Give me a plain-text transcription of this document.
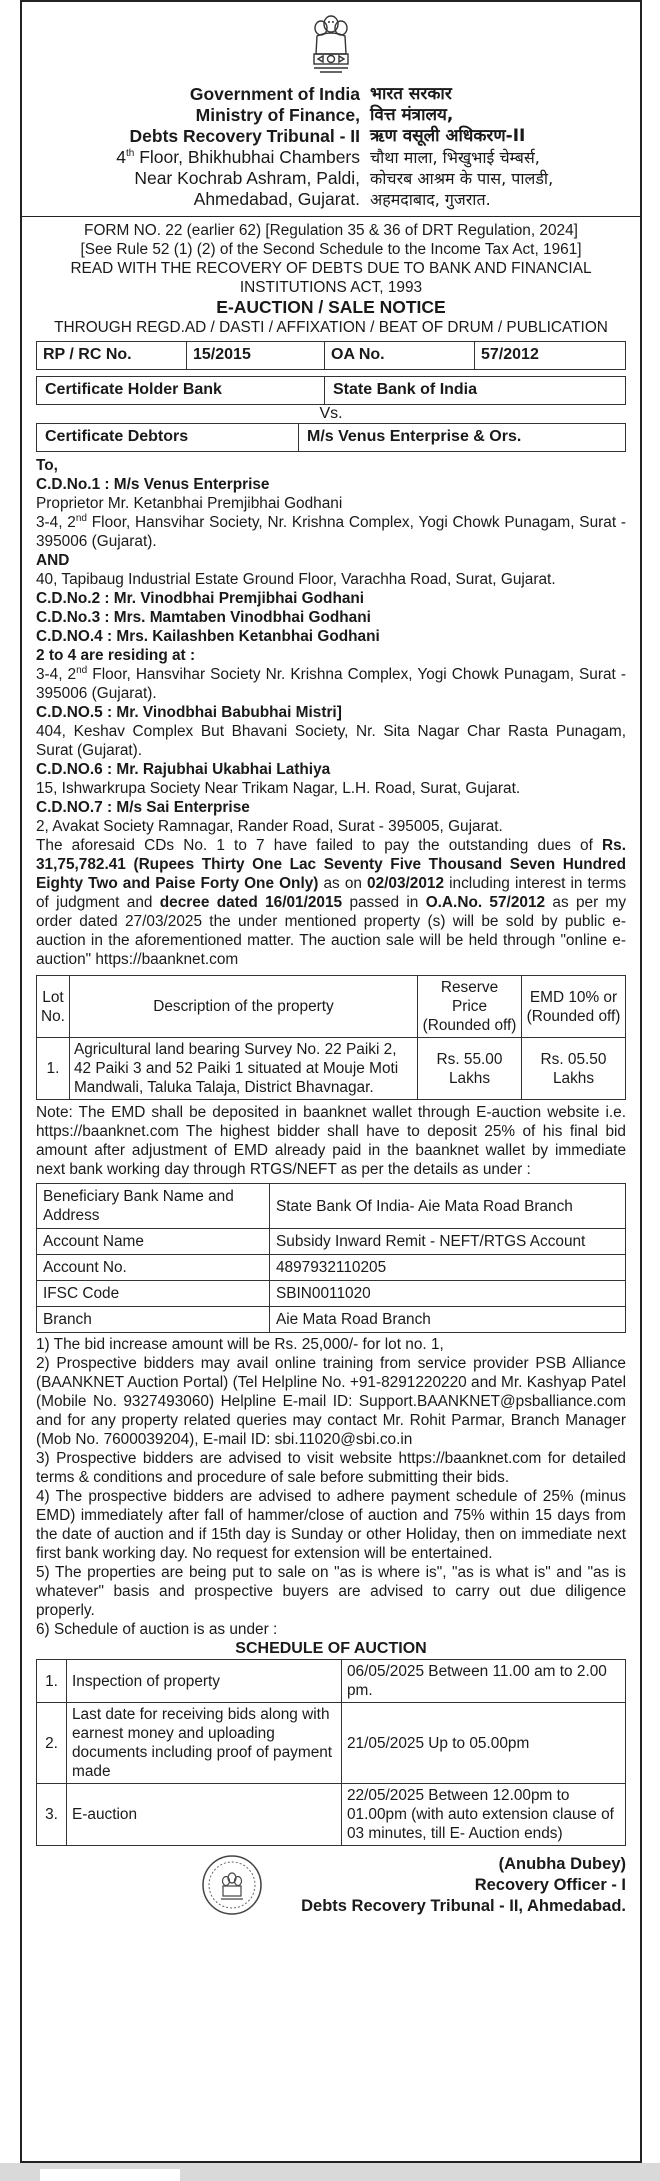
Government of India
Ministry of Finance,
Debts Recovery Tribunal - II
4th Floor, Bhikhubhai Chambers
Near Kochrab Ashram, Paldi,
Ahmedabad, Gujarat.
भारत सरकार
वित्त मंत्रालय,
ऋण वसूली अधिकरण-II
चौथा माला, भिखुभाई चेम्बर्स,
कोचरब आश्रम के पास, पालडी,
अहमदाबाद, गुजरात.
FORM NO. 22 (earlier 62) [Regulation 35 & 36 of DRT Regulation, 2024]
[See Rule 52 (1) (2) of the Second Schedule to the Income Tax Act, 1961]
READ WITH THE RECOVERY OF DEBTS DUE TO BANK AND FINANCIAL
INSTITUTIONS ACT, 1993
E-AUCTION / SALE NOTICE
THROUGH REGD.AD / DASTI / AFFIXATION / BEAT OF DRUM / PUBLICATION
RP / RC No.	15/2015	OA No.	57/2012
Certificate Holder Bank	State Bank of India
Vs.
Certificate Debtors	M/s Venus Enterprise & Ors.
To,
C.D.No.1 : M/s Venus Enterprise
Proprietor Mr. Ketanbhai Premjibhai Godhani
3-4, 2nd Floor, Hansvihar Society, Nr. Krishna Complex, Yogi Chowk Punagam, Surat - 395006 (Gujarat).
AND
40, Tapibaug Industrial Estate Ground Floor, Varachha Road, Surat, Gujarat.
C.D.No.2 : Mr. Vinodbhai Premjibhai Godhani
C.D.No.3 : Mrs. Mamtaben Vinodbhai Godhani
C.D.NO.4 : Mrs. Kailashben Ketanbhai Godhani
2 to 4 are residing at :
3-4, 2nd Floor, Hansvihar Society Nr. Krishna Complex, Yogi Chowk Punagam, Surat - 395006 (Gujarat).
C.D.NO.5 : Mr. Vinodbhai Babubhai Mistri]
404, Keshav Complex But Bhavani Society, Nr. Sita Nagar Char Rasta Punagam, Surat (Gujarat).
C.D.NO.6 : Mr. Rajubhai Ukabhai Lathiya
15, Ishwarkrupa Society Near Trikam Nagar, L.H. Road, Surat, Gujarat.
C.D.NO.7 : M/s Sai Enterprise
2, Avakat Society Ramnagar, Rander Road, Surat - 395005, Gujarat.
The aforesaid CDs No. 1 to 7 have failed to pay the outstanding dues of Rs. 31,75,782.41 (Rupees Thirty One Lac Seventy Five Thousand Seven Hundred Eighty Two and Paise Forty One Only) as on 02/03/2012 including interest in terms of judgment and decree dated 16/01/2015 passed in O.A.No. 57/2012 as per my order dated 27/03/2025 the under mentioned property (s) will be sold by public e-auction in the aforementioned matter. The auction sale will be held through "online e-auction" https://baanknet.com
Lot No.	Description of the property	Reserve Price (Rounded off)	EMD 10% or (Rounded off)
1.	Agricultural land bearing Survey No. 22 Paiki 2, 42 Paiki 3 and 52 Paiki 1 situated at Mouje Moti Mandwali, Taluka Talaja, District Bhavnagar.	Rs. 55.00 Lakhs	Rs. 05.50 Lakhs
Note: The EMD shall be deposited in baanknet wallet through E-auction website i.e. https://baanknet.com The highest bidder shall have to deposit 25% of his final bid amount after adjustment of EMD already paid in the baanknet wallet by immediate next bank working day through RTGS/NEFT as per the details as under :
Beneficiary Bank Name and Address	State Bank Of India- Aie Mata Road Branch
Account Name	Subsidy Inward Remit - NEFT/RTGS Account
Account No.	4897932110205
IFSC Code	SBIN0011020
Branch	Aie Mata Road Branch
1) The bid increase amount will be Rs. 25,000/- for lot no. 1,
2) Prospective bidders may avail online training from service provider PSB Alliance (BAANKNET Auction Portal) (Tel Helpline No. +91-8291220220 and Mr. Kashyap Patel (Mobile No. 9327493060) Helpline E-mail ID: Support.BAANKNET@psballiance.com and for any property related queries may contact Mr. Rohit Parmar, Branch Manager (Mob No. 7600039204), E-mail ID: sbi.11020@sbi.co.in
3) Prospective bidders are advised to visit website https://baanknet.com for detailed terms & conditions and procedure of sale before submitting their bids.
4) The prospective bidders are advised to adhere payment schedule of 25% (minus EMD) immediately after fall of hammer/close of auction and 75% within 15 days from the date of auction and if 15th day is Sunday or other Holiday, then on immediate next first bank working day. No request for extension will be entertained.
5) The properties are being put to sale on "as is where is", "as is what is" and "as is whatever" basis and prospective buyers are advised to carry out due diligence properly.
6) Schedule of auction is as under :
SCHEDULE OF AUCTION
1.	Inspection of property	06/05/2025 Between 11.00 am to 2.00 pm.
2.	Last date for receiving bids along with earnest money and uploading documents including proof of payment made	21/05/2025 Up to 05.00pm
3.	E-auction	22/05/2025 Between 12.00pm to 01.00pm (with auto extension clause of 03 minutes, till E- Auction ends)
(Anubha Dubey)
Recovery Officer - I
Debts Recovery Tribunal - II, Ahmedabad.
